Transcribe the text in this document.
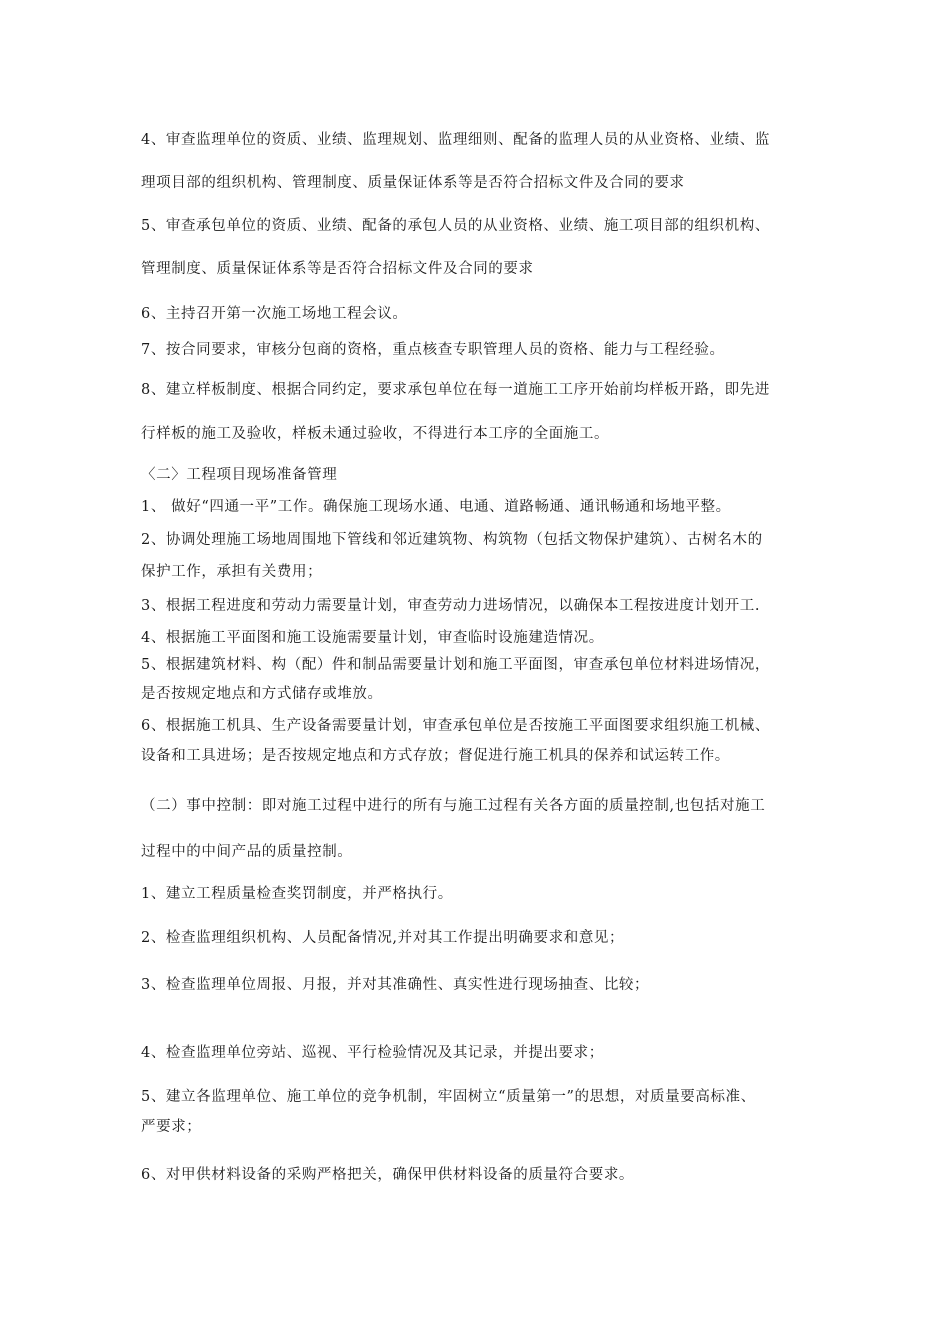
4、审查监理单位的资质、业绩、监理规划、监理细则、配备的监理人员的从业资格、业绩、监
理项目部的组织机构、管理制度、质量保证体系等是否符合招标文件及合同的要求
5、审查承包单位的资质、业绩、配备的承包人员的从业资格、业绩、施工项目部的组织机构、
管理制度、质量保证体系等是否符合招标文件及合同的要求
6、主持召开第一次施工场地工程会议。
7、按合同要求，审核分包商的资格，重点核查专职管理人员的资格、能力与工程经验。
8、建立样板制度、根据合同约定，要求承包单位在每一道施工工序开始前均样板开路，即先进
行样板的施工及验收，样板未通过验收，不得进行本工序的全面施工。
〈二〉工程项目现场准备管理
1、 做好“四通一平”工作。确保施工现场水通、电通、道路畅通、通讯畅通和场地平整。
2、协调处理施工场地周围地下管线和邻近建筑物、构筑物（包括文物保护建筑）、古树名木的
保护工作，承担有关费用；
3、根据工程进度和劳动力需要量计划，审查劳动力进场情况，以确保本工程按进度计划开工.
4、根据施工平面图和施工设施需要量计划，审查临时设施建造情况。
5、根据建筑材料、构（配）件和制品需要量计划和施工平面图，审查承包单位材料进场情况，
是否按规定地点和方式储存或堆放。
6、根据施工机具、生产设备需要量计划，审查承包单位是否按施工平面图要求组织施工机械、
设备和工具进场；是否按规定地点和方式存放；督促进行施工机具的保养和试运转工作。
（二）事中控制：即对施工过程中进行的所有与施工过程有关各方面的质量控制,也包括对施工
过程中的中间产品的质量控制。
1、建立工程质量检查奖罚制度，并严格执行。
2、检查监理组织机构、人员配备情况,并对其工作提出明确要求和意见；
3、检查监理单位周报、月报，并对其准确性、真实性进行现场抽查、比较；
4、检查监理单位旁站、巡视、平行检验情况及其记录，并提出要求；
5、建立各监理单位、施工单位的竞争机制，牢固树立“质量第一”的思想，对质量要高标准、
严要求；
6、对甲供材料设备的采购严格把关，确保甲供材料设备的质量符合要求。
